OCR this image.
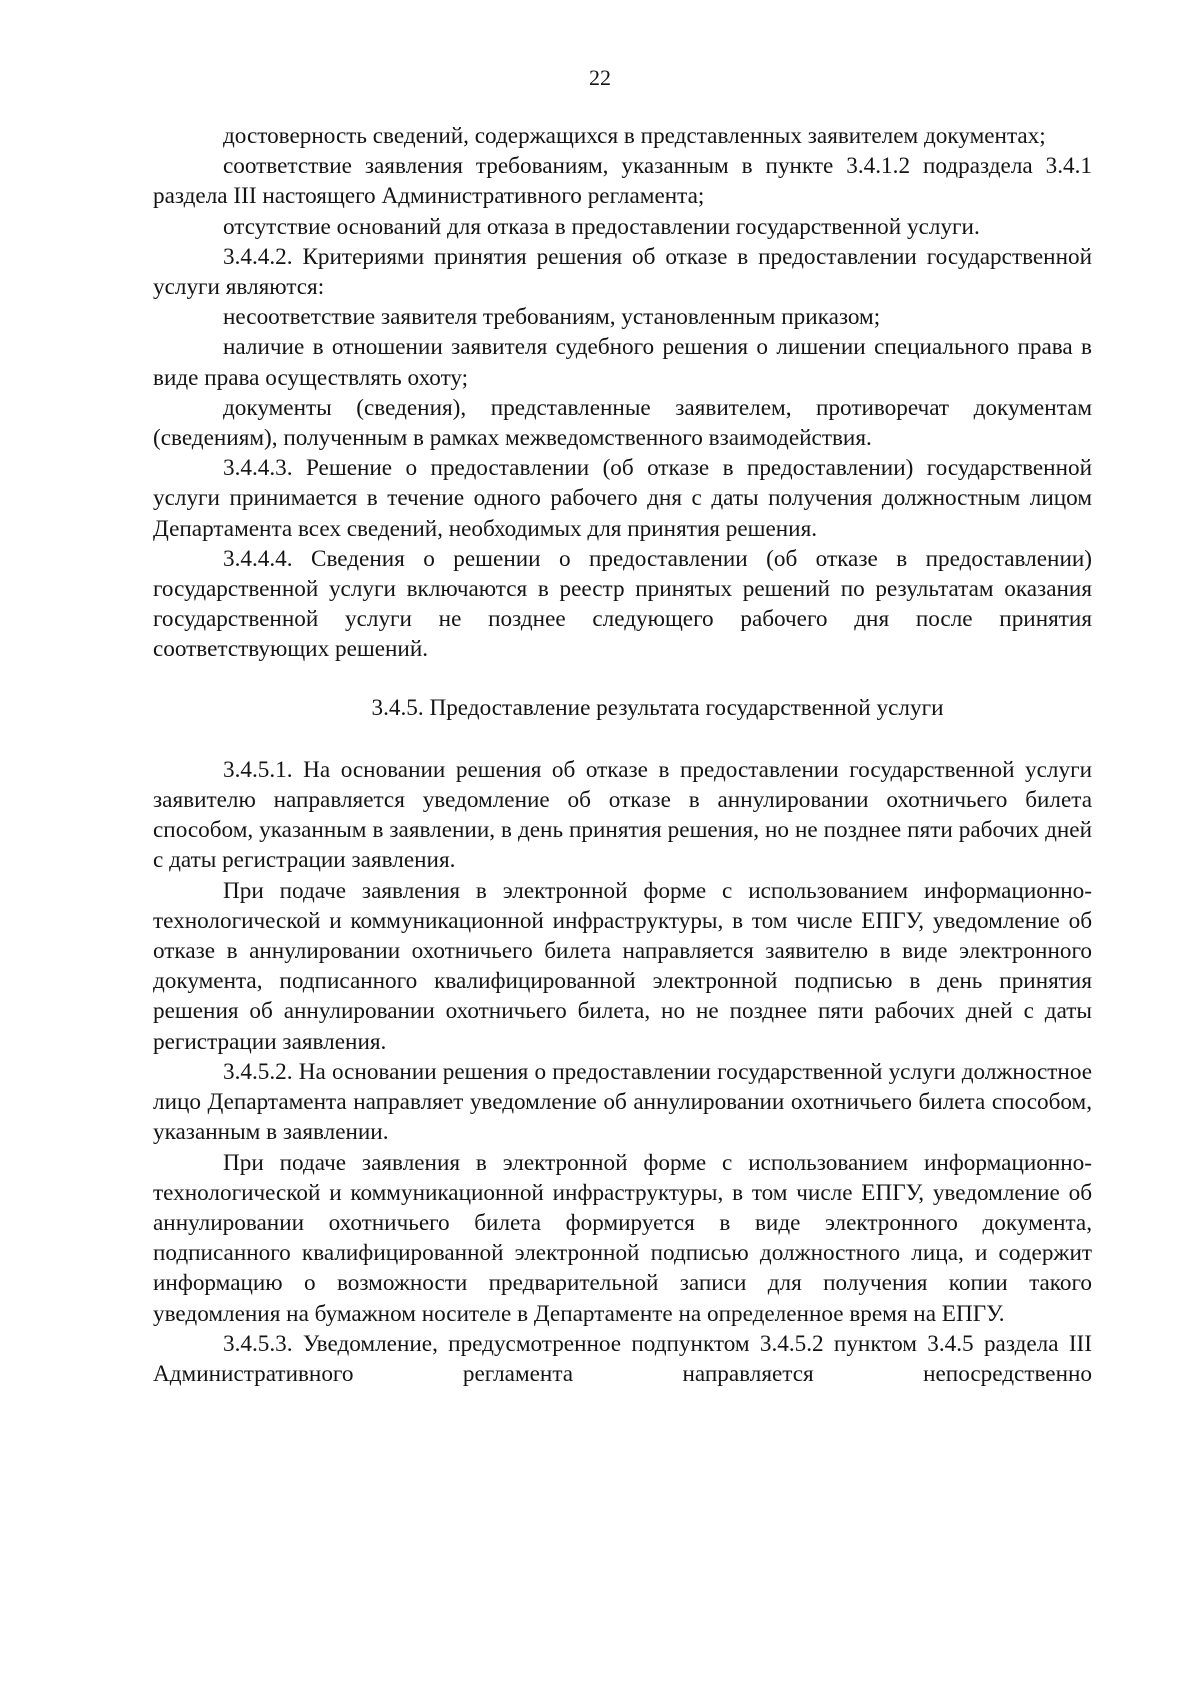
22

достоверность сведений, содержащихся в представленных заявителем документах;

соответствие заявления требованиям, указанным в пункте 3.4.1.2 подраздела 3.4.1 раздела III настоящего Административного регламента;

отсутствие оснований для отказа в предоставлении государственной услуги.

3.4.4.2. Критериями принятия решения об отказе в предоставлении государственной услуги являются:

несоответствие заявителя требованиям, установленным приказом;

наличие в отношении заявителя судебного решения о лишении специального права в виде права осуществлять охоту;

документы (сведения), представленные заявителем, противоречат документам (сведениям), полученным в рамках межведомственного взаимодействия.

3.4.4.3. Решение о предоставлении (об отказе в предоставлении) государственной услуги принимается в течение одного рабочего дня с даты получения должностным лицом Департамента всех сведений, необходимых для принятия решения.

3.4.4.4. Сведения о решении о предоставлении (об отказе в предоставлении) государственной услуги включаются в реестр принятых решений по результатам оказания государственной услуги не позднее следующего рабочего дня после принятия соответствующих решений.

3.4.5. Предоставление результата государственной услуги

3.4.5.1. На основании решения об отказе в предоставлении государственной услуги заявителю направляется уведомление об отказе в аннулировании охотничьего билета способом, указанным в заявлении, в день принятия решения, но не позднее пяти рабочих дней с даты регистрации заявления.

При подаче заявления в электронной форме с использованием информационно-технологической и коммуникационной инфраструктуры, в том числе ЕПГУ, уведомление об отказе в аннулировании охотничьего билета направляется заявителю в виде электронного документа, подписанного квалифицированной электронной подписью в день принятия решения об аннулировании охотничьего билета, но не позднее пяти рабочих дней с даты регистрации заявления.

3.4.5.2. На основании решения о предоставлении государственной услуги должностное лицо Департамента направляет уведомление об аннулировании охотничьего билета способом, указанным в заявлении.

При подаче заявления в электронной форме с использованием информационно-технологической и коммуникационной инфраструктуры, в том числе ЕПГУ, уведомление об аннулировании охотничьего билета формируется в виде электронного документа, подписанного квалифицированной электронной подписью должностного лица, и содержит информацию о возможности предварительной записи для получения копии такого уведомления на бумажном носителе в Департаменте на определенное время на ЕПГУ.

3.4.5.3. Уведомление, предусмотренное подпунктом 3.4.5.2 пунктом 3.4.5 раздела III Административного регламента направляется непосредственно
